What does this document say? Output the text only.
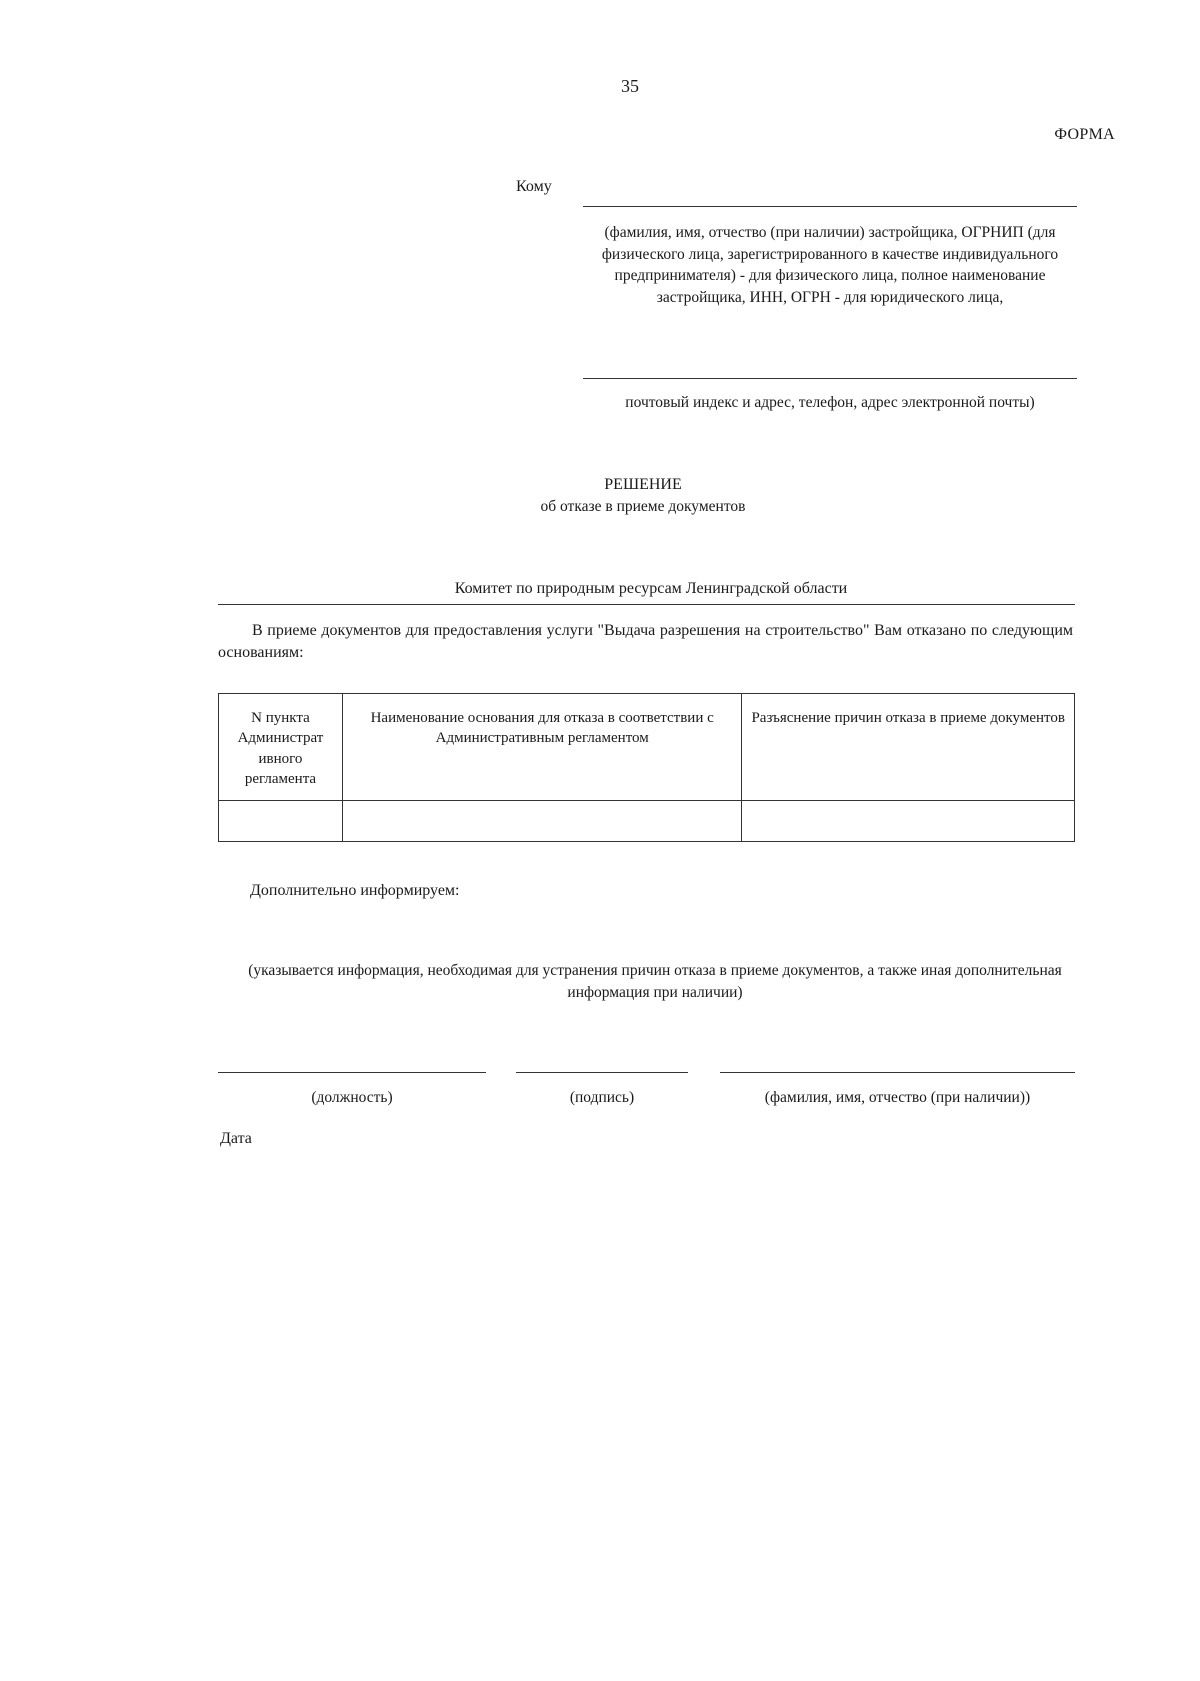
35
ФОРМА
Кому
(фамилия, имя, отчество (при наличии) застройщика, ОГРНИП (для физического лица, зарегистрированного в качестве индивидуального предпринимателя) - для физического лица, полное наименование застройщика, ИНН, ОГРН - для юридического лица,
почтовый индекс и адрес, телефон, адрес электронной почты)
РЕШЕНИЕ
об отказе в приеме документов
Комитет по природным ресурсам Ленинградской области
В приеме документов для предоставления услуги "Выдача разрешения на строительство" Вам отказано по следующим основаниям:
N пункта Администрат ивного регламента	Наименование основания для отказа в соответствии с Административным регламентом	Разъяснение причин отказа в приеме документов

Дополнительно информируем:
(указывается информация, необходимая для устранения причин отказа в приеме документов, а также иная дополнительная информация при наличии)
(должность)	(подпись)	(фамилия, имя, отчество (при наличии))
Дата
